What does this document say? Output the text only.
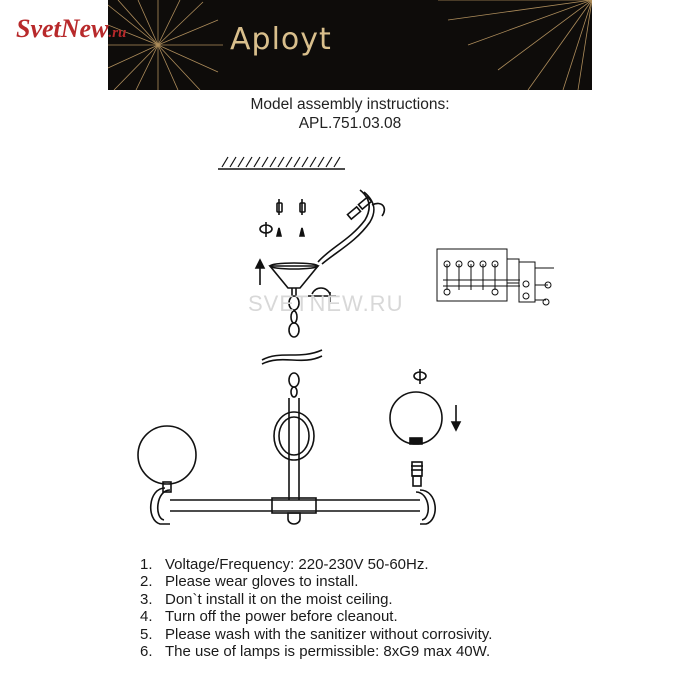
Aployt
SvetNew.ru
Model assembly instructions:
APL.751.03.08
SVETNEW.RU
1. Voltage/Frequency: 220-230V 50-60Hz.
2. Please wear gloves to install.
3. Don`t install it on the moist ceiling.
4. Turn off the power before cleanout.
5. Please wash with the sanitizer without corrosivity.
6. The use of lamps is permissible: 8xG9 max 40W.
